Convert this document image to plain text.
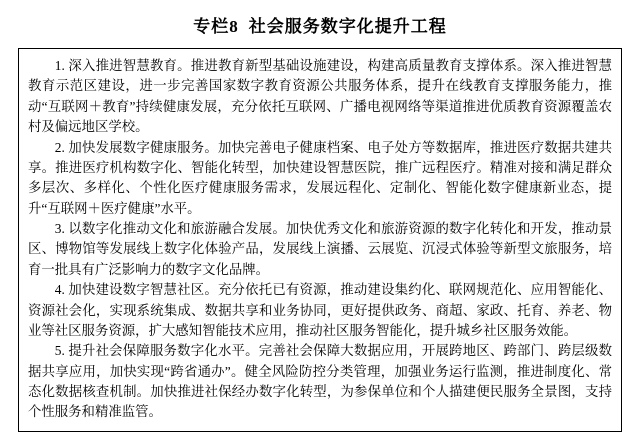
专栏8 社会服务数字化提升工程

1. 深入推进智慧教育。推进教育新型基础设施建设，构建高质量教育支撑体系。深入推进智慧教育示范区建设，进一步完善国家数字教育资源公共服务体系，提升在线教育支撑服务能力，推动“互联网＋教育”持续健康发展，充分依托互联网、广播电视网络等渠道推进优质教育资源覆盖农村及偏远地区学校。

2. 加快发展数字健康服务。加快完善电子健康档案、电子处方等数据库，推进医疗数据共建共享。推进医疗机构数字化、智能化转型，加快建设智慧医院，推广远程医疗。精准对接和满足群众多层次、多样化、个性化医疗健康服务需求，发展远程化、定制化、智能化数字健康新业态，提升“互联网＋医疗健康”水平。

3. 以数字化推动文化和旅游融合发展。加快优秀文化和旅游资源的数字化转化和开发，推动景区、博物馆等发展线上数字化体验产品，发展线上演播、云展览、沉浸式体验等新型文旅服务，培育一批具有广泛影响力的数字文化品牌。

4. 加快建设数字智慧社区。充分依托已有资源，推动建设集约化、联网规范化、应用智能化、资源社会化，实现系统集成、数据共享和业务协同，更好提供政务、商超、家政、托育、养老、物业等社区服务资源，扩大感知智能技术应用，推动社区服务智能化，提升城乡社区服务效能。

5. 提升社会保障服务数字化水平。完善社会保障大数据应用，开展跨地区、跨部门、跨层级数据共享应用，加快实现“跨省通办”。健全风险防控分类管理，加强业务运行监测，推进制度化、常态化数据核查机制。加快推进社保经办数字化转型，为参保单位和个人描建便民服务全景图，支持个性服务和精准监管。
